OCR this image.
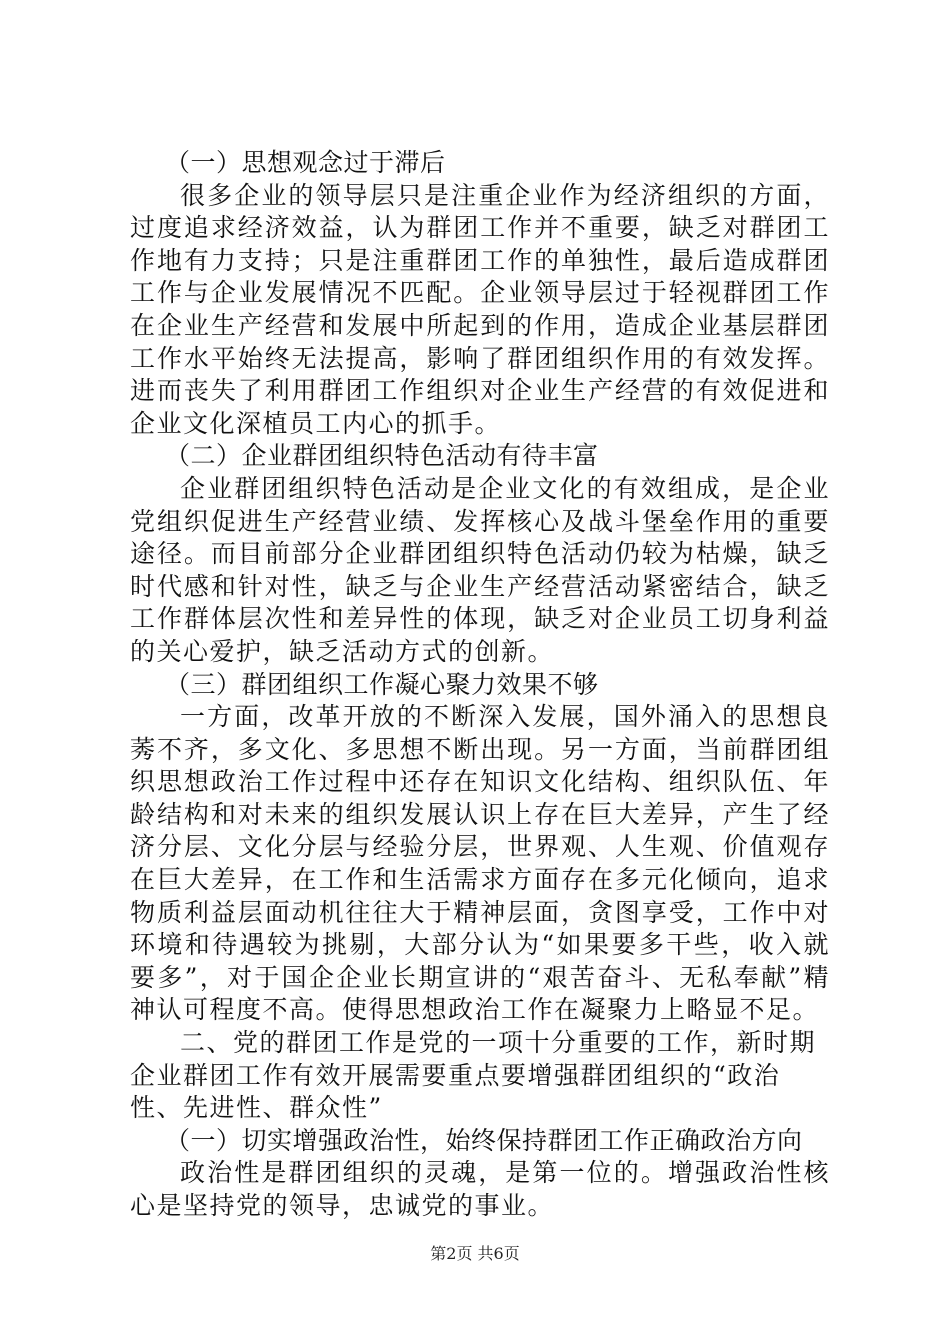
（一）思想观念过于滞后

很多企业的领导层只是注重企业作为经济组织的方面，过度追求经济效益，认为群团工作并不重要，缺乏对群团工作地有力支持；只是注重群团工作的单独性，最后造成群团工作与企业发展情况不匹配。企业领导层过于轻视群团工作在企业生产经营和发展中所起到的作用，造成企业基层群团工作水平始终无法提高，影响了群团组织作用的有效发挥。进而丧失了利用群团工作组织对企业生产经营的有效促进和企业文化深植员工内心的抓手。

（二）企业群团组织特色活动有待丰富

企业群团组织特色活动是企业文化的有效组成，是企业党组织促进生产经营业绩、发挥核心及战斗堡垒作用的重要途径。而目前部分企业群团组织特色活动仍较为枯燥，缺乏时代感和针对性，缺乏与企业生产经营活动紧密结合，缺乏工作群体层次性和差异性的体现，缺乏对企业员工切身利益的关心爱护，缺乏活动方式的创新。

（三）群团组织工作凝心聚力效果不够

一方面，改革开放的不断深入发展，国外涌入的思想良莠不齐，多文化、多思想不断出现。另一方面，当前群团组织思想政治工作过程中还存在知识文化结构、组织队伍、年龄结构和对未来的组织发展认识上存在巨大差异，产生了经济分层、文化分层与经验分层，世界观、人生观、价值观存在巨大差异，在工作和生活需求方面存在多元化倾向，追求物质利益层面动机往往大于精神层面，贪图享受，工作中对环境和待遇较为挑剔，大部分认为“如果要多干些，收入就要多”，对于国企企业长期宣讲的“艰苦奋斗、无私奉献”精神认可程度不高。使得思想政治工作在凝聚力上略显不足。

二、党的群团工作是党的一项十分重要的工作，新时期企业群团工作有效开展需要重点要增强群团组织的“政治性、先进性、群众性”

（一）切实增强政治性，始终保持群团工作正确政治方向

政治性是群团组织的灵魂，是第一位的。增强政治性核心是坚持党的领导，忠诚党的事业。

第2页 共6页
